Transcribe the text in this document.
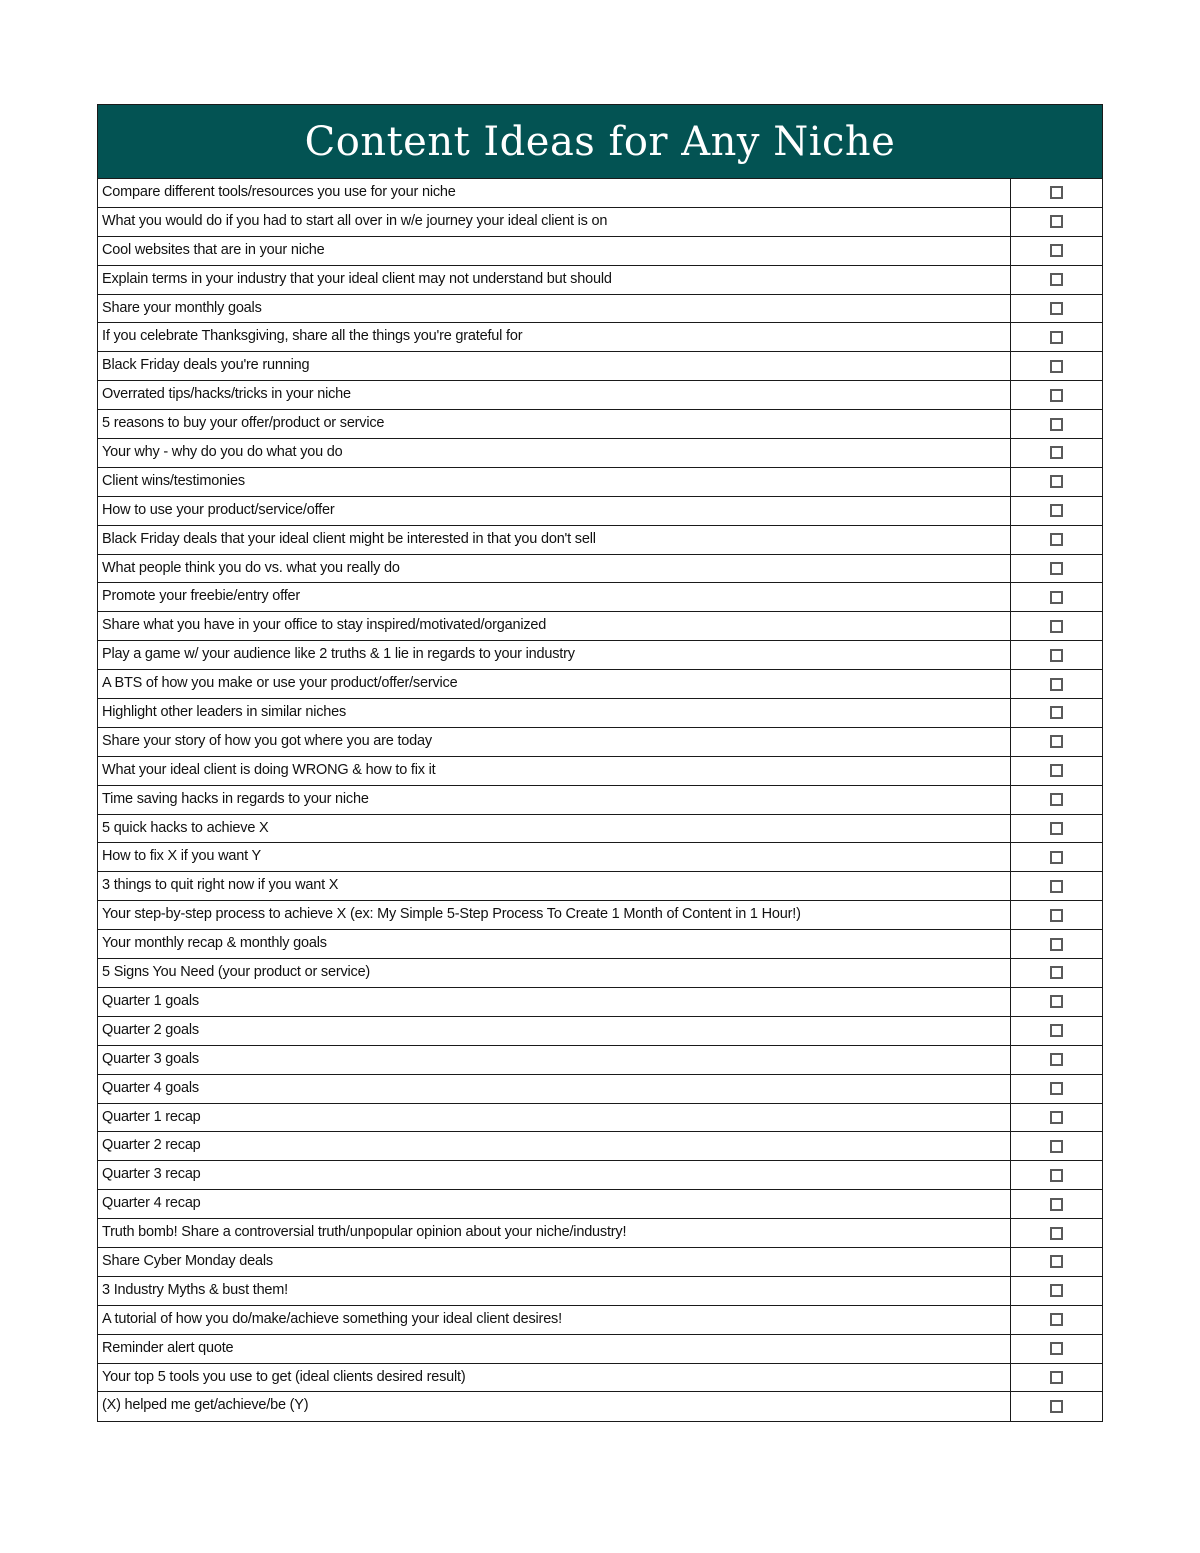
Content Ideas for Any Niche
Compare different tools/resources you use for your niche
What you would do if you had to start all over in w/e journey your ideal client is on
Cool websites that are in your niche
Explain terms in your industry that your ideal client may not understand but should
Share your monthly goals
If you celebrate Thanksgiving, share all the things you're grateful for
Black Friday deals you're running
Overrated tips/hacks/tricks in your niche
5 reasons to buy your offer/product or service
Your why - why do you do what you do
Client wins/testimonies
How to use your product/service/offer
Black Friday deals that your ideal client might be interested in that you don't sell
What people think you do vs. what you really do
Promote your freebie/entry offer
Share what you have in your office to stay inspired/motivated/organized
Play a game w/ your audience like 2 truths & 1 lie in regards to your industry
A BTS of how you make or use your product/offer/service
Highlight other leaders in similar niches
Share your story of how you got where you are today
What your ideal client is doing WRONG & how to fix it
Time saving hacks in regards to your niche
5 quick hacks to achieve X
How to fix X if you want Y
3 things to quit right now if you want X
Your step-by-step process to achieve X (ex: My Simple 5-Step Process To Create 1 Month of Content in 1 Hour!)
Your monthly recap & monthly goals
5 Signs You Need (your product or service)
Quarter 1 goals
Quarter 2 goals
Quarter 3 goals
Quarter 4 goals
Quarter 1 recap
Quarter 2 recap
Quarter 3 recap
Quarter 4 recap
Truth bomb! Share a controversial truth/unpopular opinion about your niche/industry!
Share Cyber Monday deals
3 Industry Myths & bust them!
A tutorial of how you do/make/achieve something your ideal client desires!
Reminder alert quote
Your top 5 tools you use to get (ideal clients desired result)
(X) helped me get/achieve/be (Y)
